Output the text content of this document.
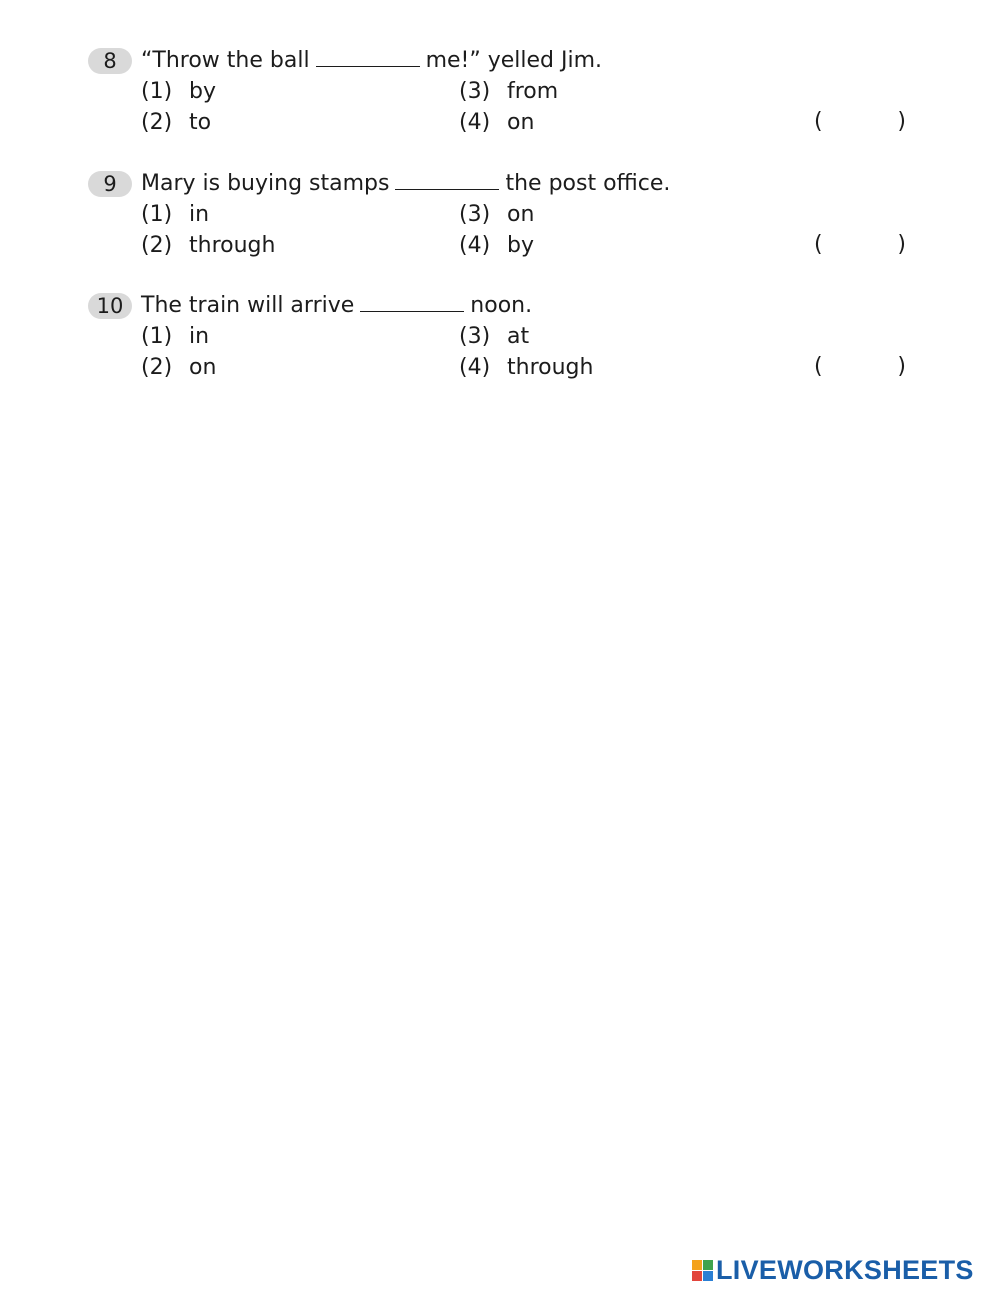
8	“Throw the ball	me!” yelled Jim.
(1) by
(2) to
(3) from
(4) on	(	)
9	Mary is buying stamps	the post office.
(1) in
(2) through
(3) on
(4) by	(	)
10 The train will arrive	noon.
(1) in
(2) on
(3) at
(4) through	(	)
LIVEWORKSHEETS
